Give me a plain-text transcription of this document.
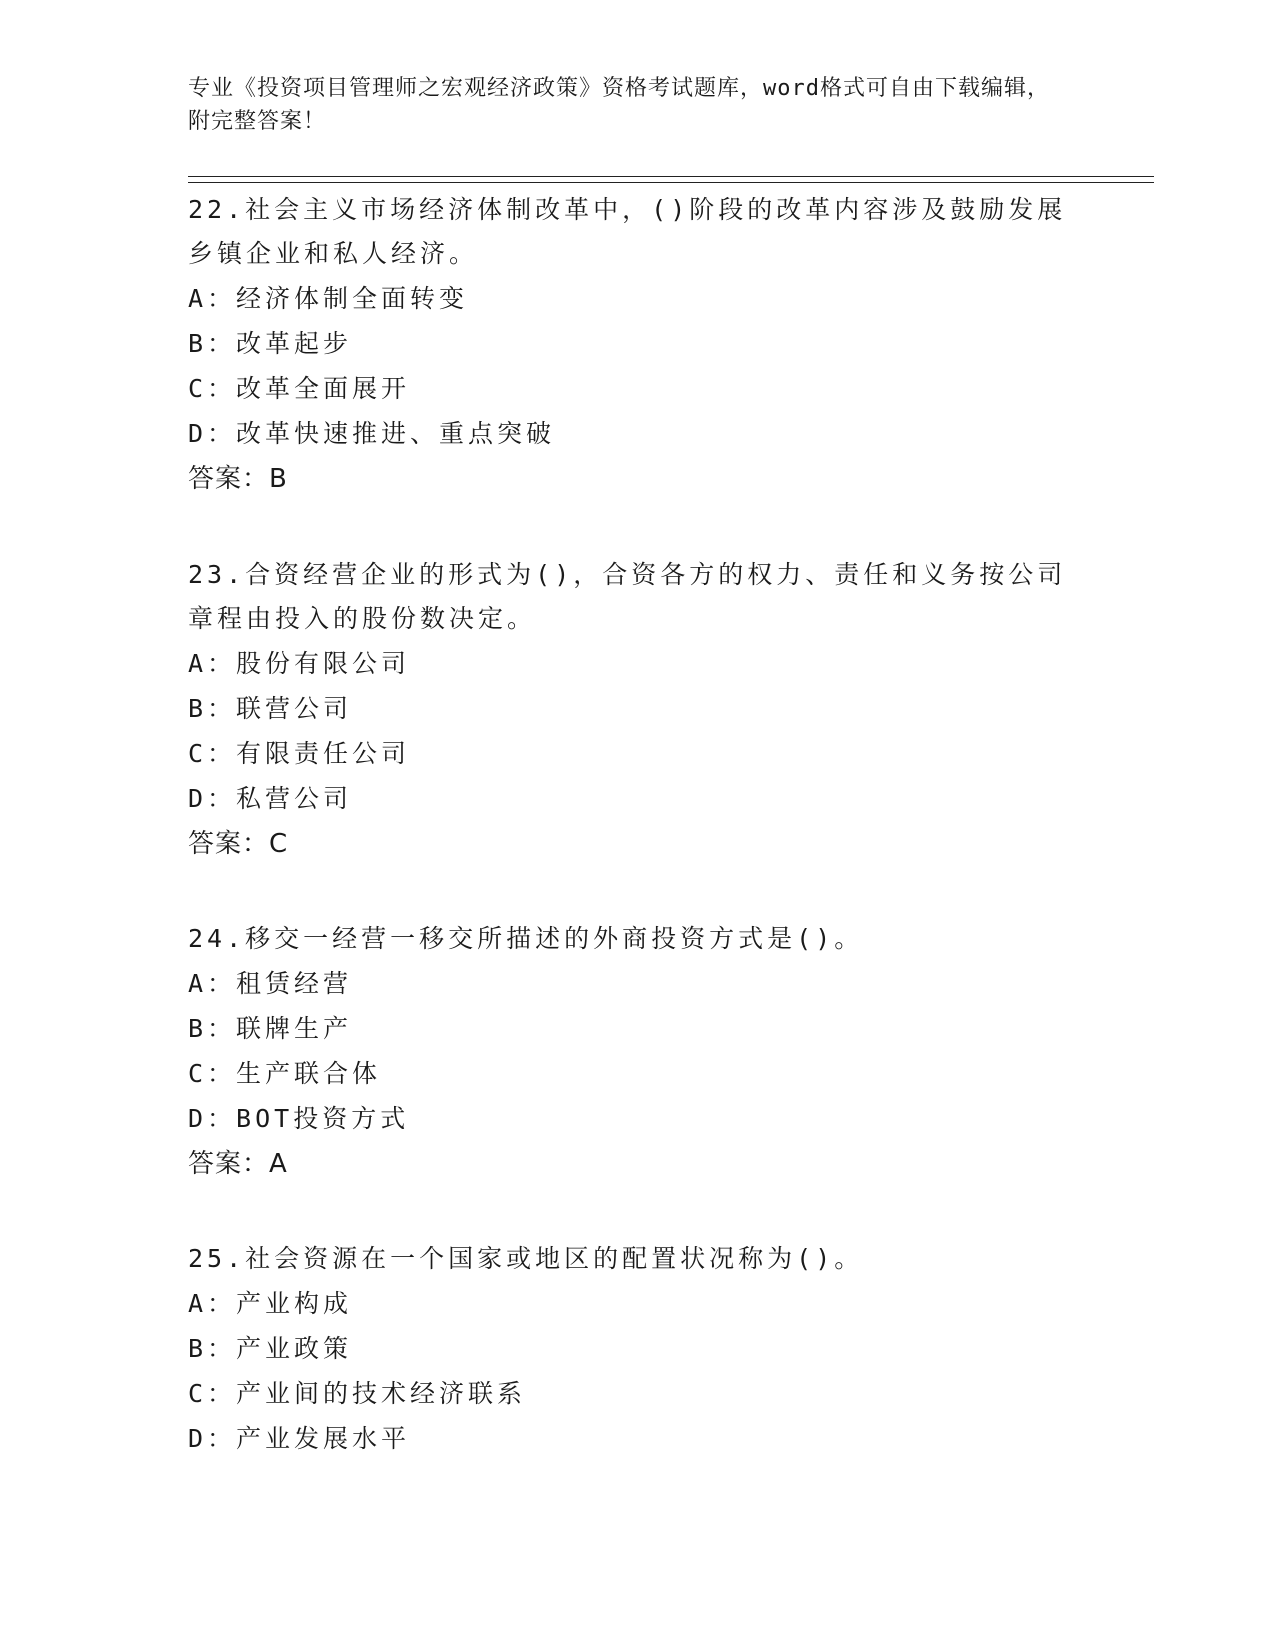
专业《投资项目管理师之宏观经济政策》资格考试题库，word格式可自由下载编辑，附完整答案！

22.社会主义市场经济体制改革中，()阶段的改革内容涉及鼓励发展乡镇企业和私人经济。

A：经济体制全面转变

B：改革起步

C：改革全面展开

D：改革快速推进、重点突破

答案：B

23.合资经营企业的形式为()，合资各方的权力、责任和义务按公司章程由投入的股份数决定。

A：股份有限公司

B：联营公司

C：有限责任公司

D：私营公司

答案：C

24.移交一经营一移交所描述的外商投资方式是()。

A：租赁经营

B：联牌生产

C：生产联合体

D：BOT投资方式

答案：A

25.社会资源在一个国家或地区的配置状况称为()。

A：产业构成

B：产业政策

C：产业间的技术经济联系

D：产业发展水平
